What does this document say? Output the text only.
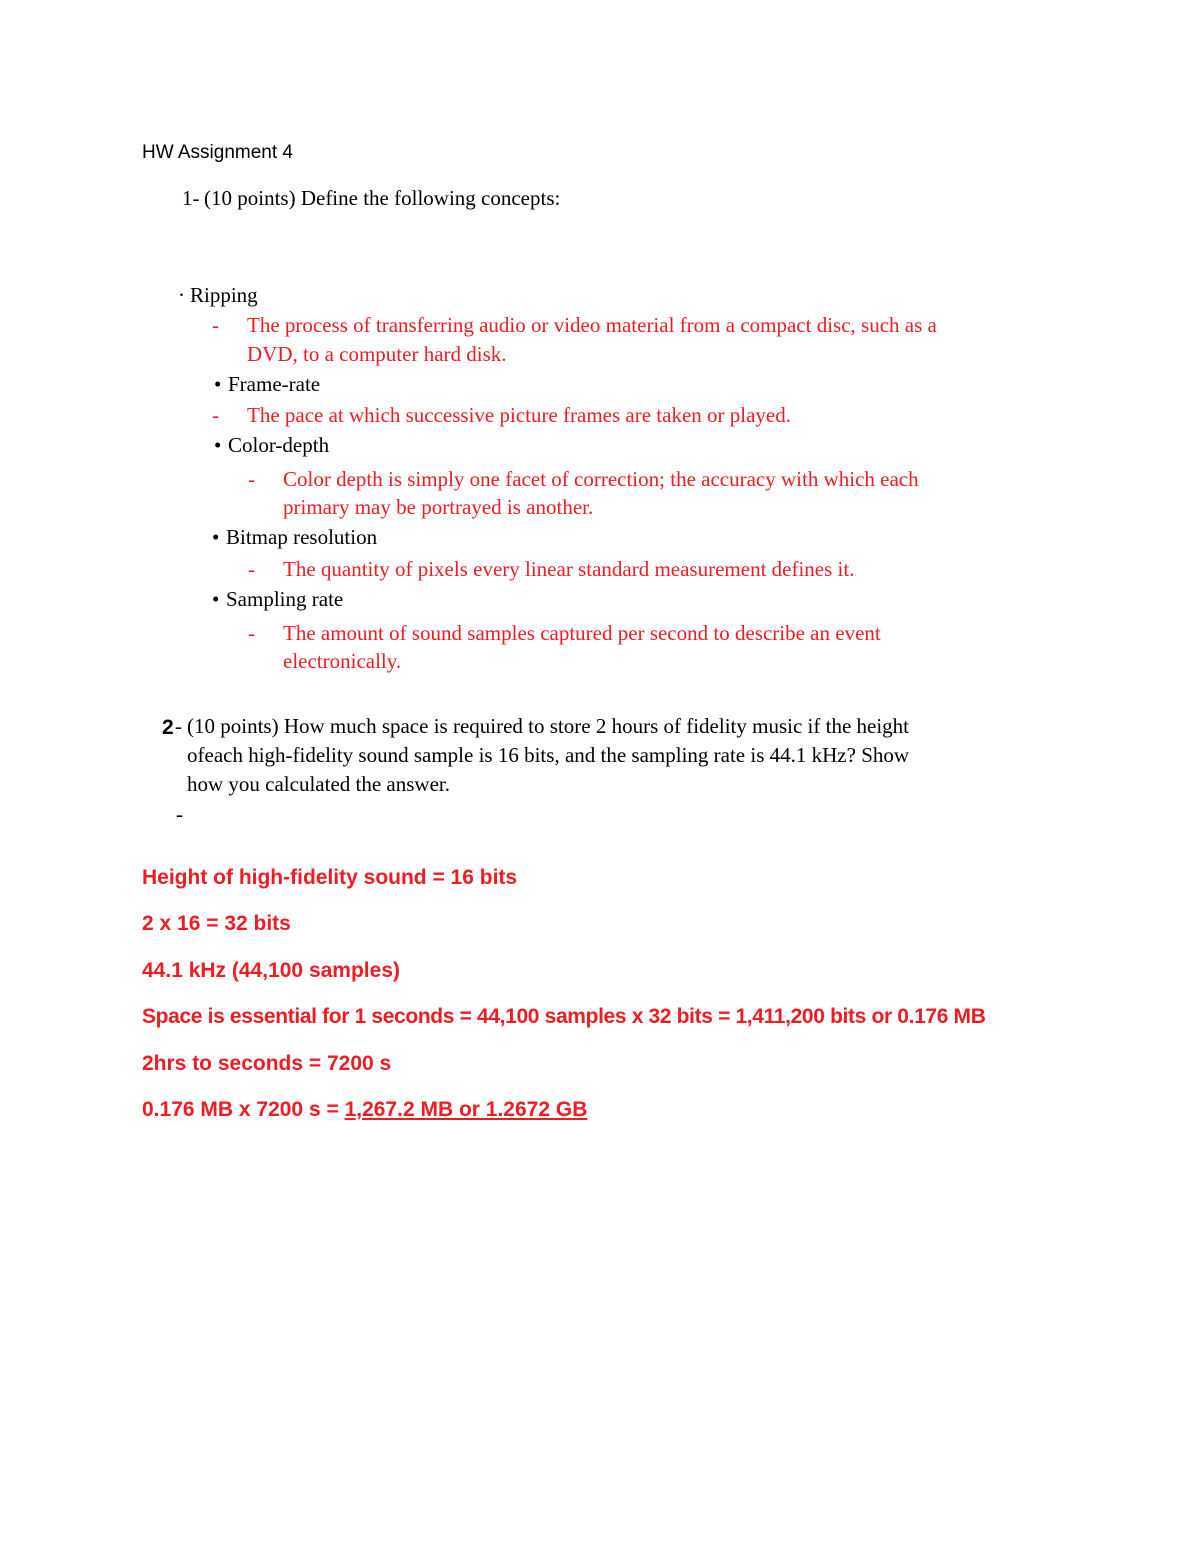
HW Assignment 4
1- (10 points) Define the following concepts:
· Ripping
- The process of transferring audio or video material from a compact disc, such as a
DVD, to a computer hard disk.
• Frame-rate
- The pace at which successive picture frames are taken or played.
• Color-depth
- Color depth is simply one facet of correction; the accuracy with which each
primary may be portrayed is another.
• Bitmap resolution
- The quantity of pixels every linear standard measurement defines it.
• Sampling rate
- The amount of sound samples captured per second to describe an event
electronically.
2 - (10 points) How much space is required to store 2 hours of fidelity music if the height
ofeach high-fidelity sound sample is 16 bits, and the sampling rate is 44.1 kHz? Show
how you calculated the answer.
-
Height of high-fidelity sound = 16 bits
2 x 16 = 32 bits
44.1 kHz (44,100 samples)
Space is essential for 1 seconds = 44,100 samples x 32 bits = 1,411,200 bits or 0.176 MB
2hrs to seconds = 7200 s
0.176 MB x 7200 s = 1,267.2 MB or 1.2672 GB
